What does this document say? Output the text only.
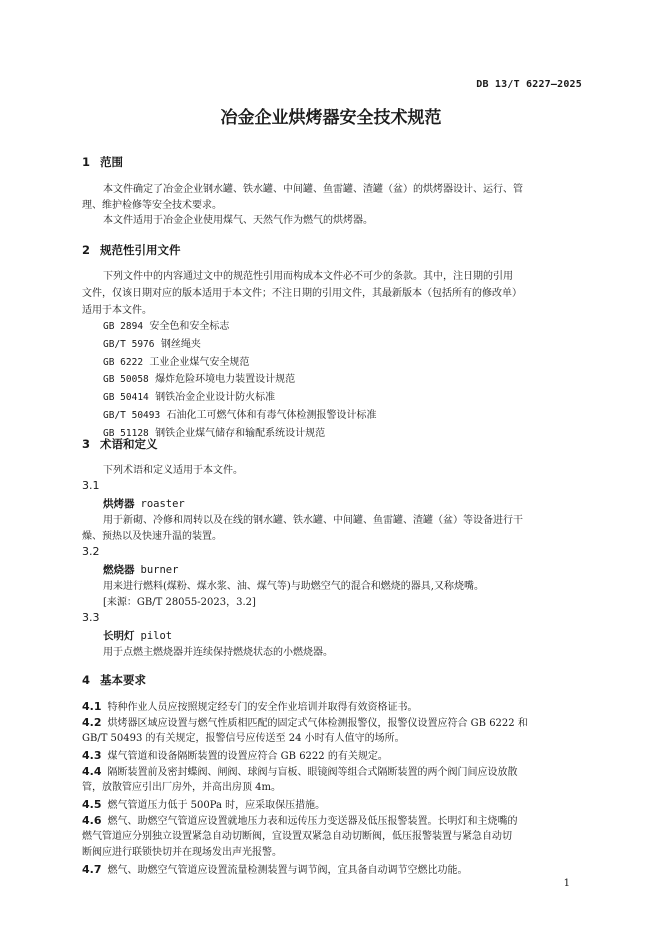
DB 13/T 6227—2025
冶金企业烘烤器安全技术规范
1 范围
本文件确定了冶金企业钢水罐、铁水罐、中间罐、鱼雷罐、渣罐（盆）的烘烤器设计、运行、管
理、维护检修等安全技术要求。
本文件适用于冶金企业使用煤气、天然气作为燃气的烘烤器。
2 规范性引用文件
下列文件中的内容通过文中的规范性引用而构成本文件必不可少的条款。其中，注日期的引用
文件，仅该日期对应的版本适用于本文件；不注日期的引用文件，其最新版本（包括所有的修改单）
适用于本文件。
GB 2894 安全色和安全标志
GB/T 5976 钢丝绳夹
GB 6222 工业企业煤气安全规范
GB 50058 爆炸危险环境电力装置设计规范
GB 50414 钢铁冶金企业设计防火标准
GB/T 50493 石油化工可燃气体和有毒气体检测报警设计标准
GB 51128 钢铁企业煤气储存和输配系统设计规范
3 术语和定义
下列术语和定义适用于本文件。
3.1
烘烤器 roaster
用于新砌、冷修和周转以及在线的钢水罐、铁水罐、中间罐、鱼雷罐、渣罐（盆）等设备进行干
燥、预热以及快速升温的装置。
3.2
燃烧器 burner
用来进行燃料(煤粉、煤水浆、油、煤气等)与助燃空气的混合和燃烧的器具,又称烧嘴。
[来源：GB/T 28055-2023，3.2]
3.3
长明灯 pilot
用于点燃主燃烧器并连续保持燃烧状态的小燃烧器。
4 基本要求
4.1 特种作业人员应按照规定经专门的安全作业培训并取得有效资格证书。
4.2 烘烤器区域应设置与燃气性质相匹配的固定式气体检测报警仪，报警仪设置应符合 GB 6222 和
GB/T 50493 的有关规定，报警信号应传送至 24 小时有人值守的场所。
4.3 煤气管道和设备隔断装置的设置应符合 GB 6222 的有关规定。
4.4 隔断装置前及密封蝶阀、闸阀、球阀与盲板、眼镜阀等组合式隔断装置的两个阀门间应设放散
管，放散管应引出厂房外，并高出房顶 4m。
4.5 燃气管道压力低于 500Pa 时，应采取保压措施。
4.6 燃气、助燃空气管道应设置就地压力表和远传压力变送器及低压报警装置。长明灯和主烧嘴的
燃气管道应分别独立设置紧急自动切断阀，宜设置双紧急自动切断阀，低压报警装置与紧急自动切
断阀应进行联锁快切并在现场发出声光报警。
4.7 燃气、助燃空气管道应设置流量检测装置与调节阀，宜具备自动调节空燃比功能。
1
